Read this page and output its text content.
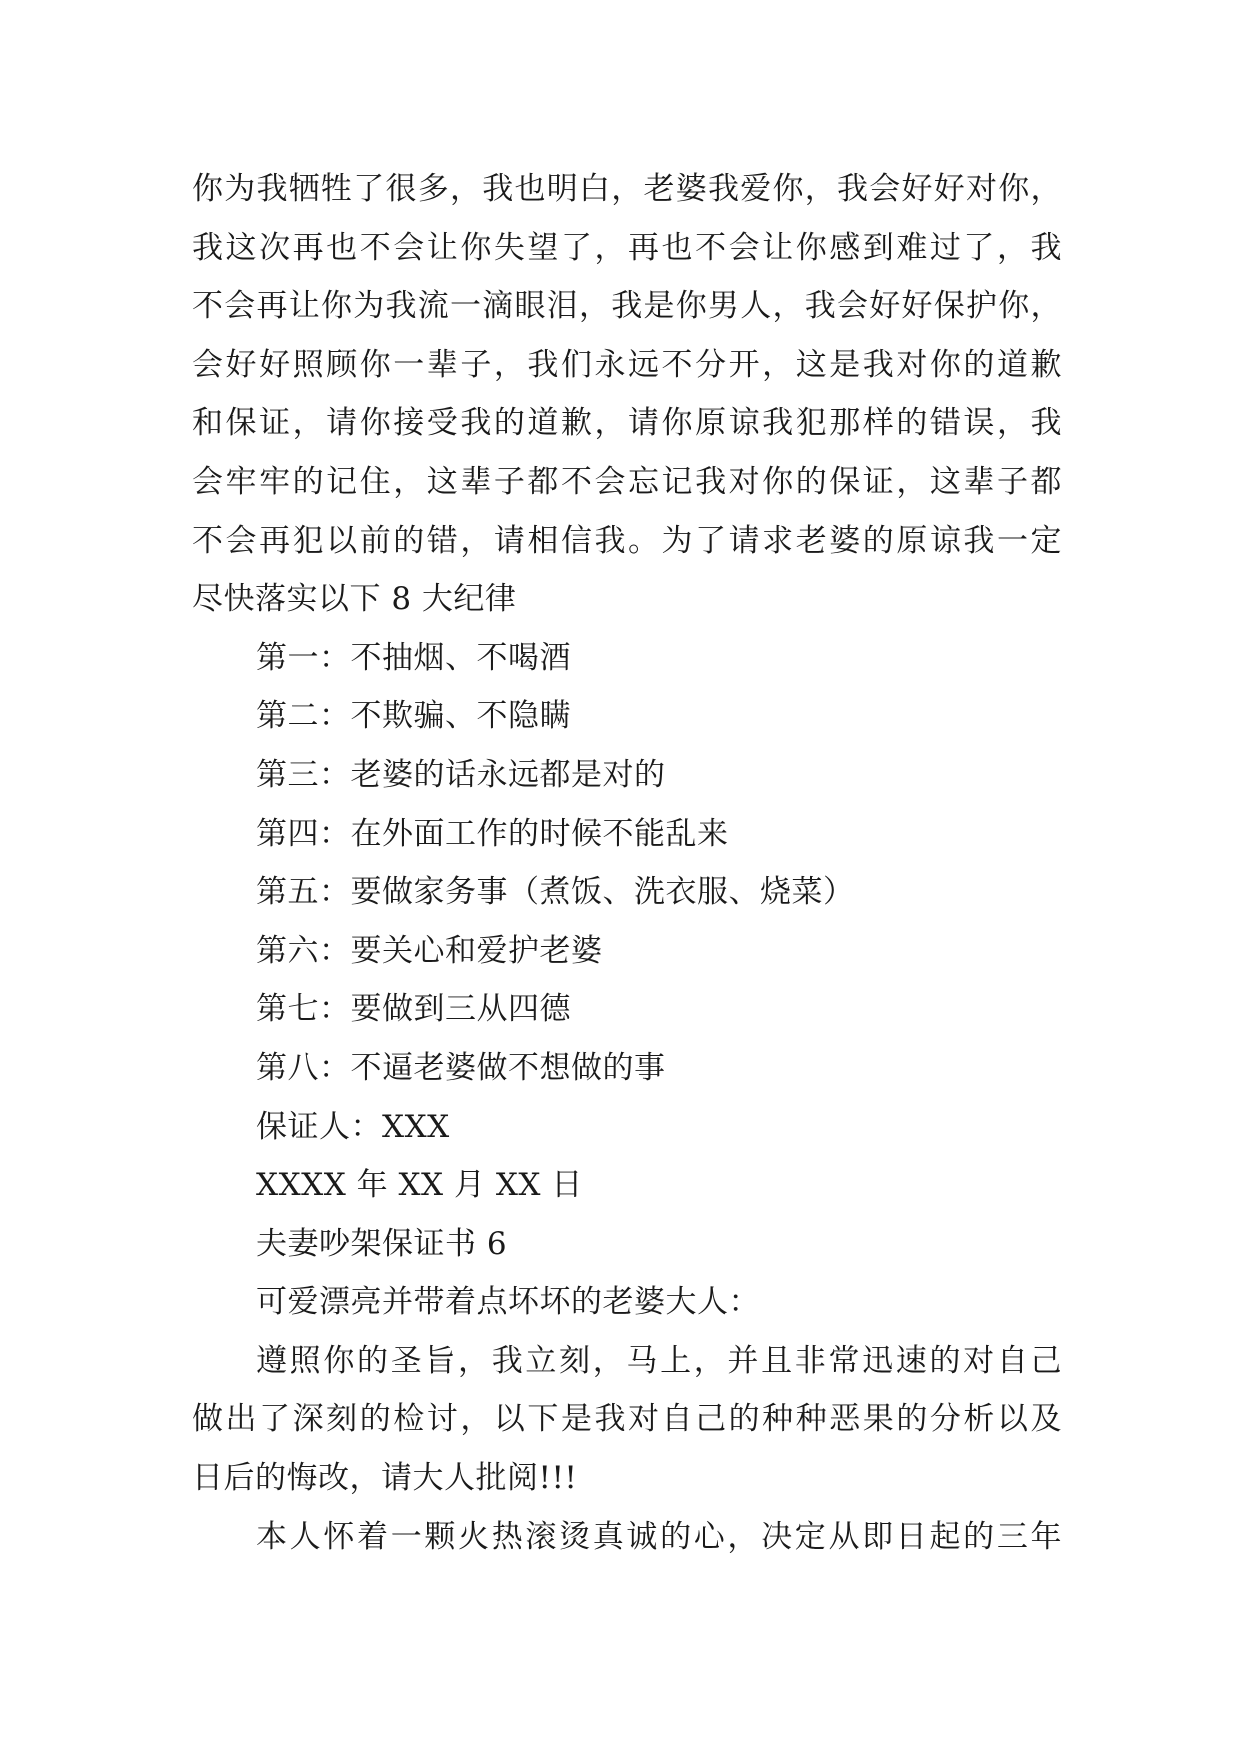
你为我牺牲了很多，我也明白，老婆我爱你，我会好好对你，
我这次再也不会让你失望了，再也不会让你感到难过了，我
不会再让你为我流一滴眼泪，我是你男人，我会好好保护你，
会好好照顾你一辈子，我们永远不分开，这是我对你的道歉
和保证，请你接受我的道歉，请你原谅我犯那样的错误，我
会牢牢的记住，这辈子都不会忘记我对你的保证，这辈子都
不会再犯以前的错，请相信我。为了请求老婆的原谅我一定
尽快落实以下 8 大纪律
第一：不抽烟、不喝酒
第二：不欺骗、不隐瞒
第三：老婆的话永远都是对的
第四：在外面工作的时候不能乱来
第五：要做家务事（煮饭、洗衣服、烧菜）
第六：要关心和爱护老婆
第七：要做到三从四德
第八：不逼老婆做不想做的事
保证人：XXX
XXXX 年 XX 月 XX 日
夫妻吵架保证书 6
可爱漂亮并带着点坏坏的老婆大人：
遵照你的圣旨，我立刻，马上，并且非常迅速的对自己
做出了深刻的检讨，以下是我对自己的种种恶果的分析以及
日后的悔改，请大人批阅!!!
本人怀着一颗火热滚烫真诚的心，决定从即日起的三年
